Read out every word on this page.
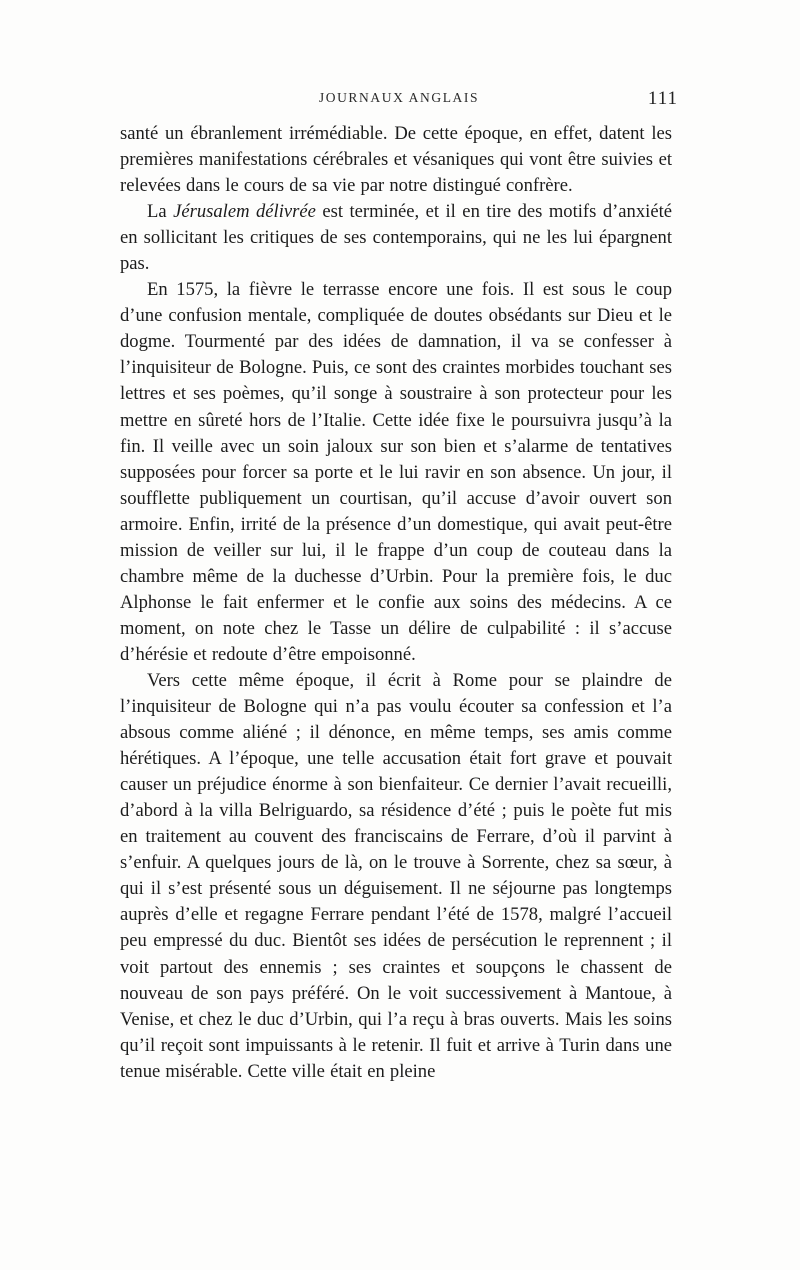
JOURNAUX ANGLAIS	111

santé un ébranlement irrémédiable. De cette époque, en effet, datent les premières manifestations cérébrales et vésaniques qui vont être suivies et relevées dans le cours de sa vie par notre distingué confrère.

La Jérusalem délivrée est terminée, et il en tire des motifs d’anxiété en sollicitant les critiques de ses contemporains, qui ne les lui épargnent pas.

En 1575, la fièvre le terrasse encore une fois. Il est sous le coup d’une confusion mentale, compliquée de doutes obsédants sur Dieu et le dogme. Tourmenté par des idées de damnation, il va se confesser à l’inquisiteur de Bologne. Puis, ce sont des craintes morbides touchant ses lettres et ses poèmes, qu’il songe à soustraire à son protecteur pour les mettre en sûreté hors de l’Italie. Cette idée fixe le poursuivra jusqu’à la fin. Il veille avec un soin jaloux sur son bien et s’alarme de tentatives supposées pour forcer sa porte et le lui ravir en son absence. Un jour, il soufflette publiquement un courtisan, qu’il accuse d’avoir ouvert son armoire. Enfin, irrité de la présence d’un domestique, qui avait peut-être mission de veiller sur lui, il le frappe d’un coup de couteau dans la chambre même de la duchesse d’Urbin. Pour la première fois, le duc Alphonse le fait enfermer et le confie aux soins des médecins. A ce moment, on note chez le Tasse un délire de culpabilité : il s’accuse d’hérésie et redoute d’être empoisonné.

Vers cette même époque, il écrit à Rome pour se plaindre de l’inquisiteur de Bologne qui n’a pas voulu écouter sa confession et l’a absous comme aliéné ; il dénonce, en même temps, ses amis comme hérétiques. A l’époque, une telle accusation était fort grave et pouvait causer un préjudice énorme à son bienfaiteur. Ce dernier l’avait recueilli, d’abord à la villa Belriguardo, sa résidence d’été ; puis le poète fut mis en traitement au couvent des franciscains de Ferrare, d’où il parvint à s’enfuir. A quelques jours de là, on le trouve à Sorrente, chez sa sœur, à qui il s’est présenté sous un déguisement. Il ne séjourne pas longtemps auprès d’elle et regagne Ferrare pendant l’été de 1578, malgré l’accueil peu empressé du duc. Bientôt ses idées de persécution le reprennent ; il voit partout des ennemis ; ses craintes et soupçons le chassent de nouveau de son pays préféré. On le voit successivement à Mantoue, à Venise, et chez le duc d’Urbin, qui l’a reçu à bras ouverts. Mais les soins qu’il reçoit sont impuissants à le retenir. Il fuit et arrive à Turin dans une tenue misérable. Cette ville était en pleine
